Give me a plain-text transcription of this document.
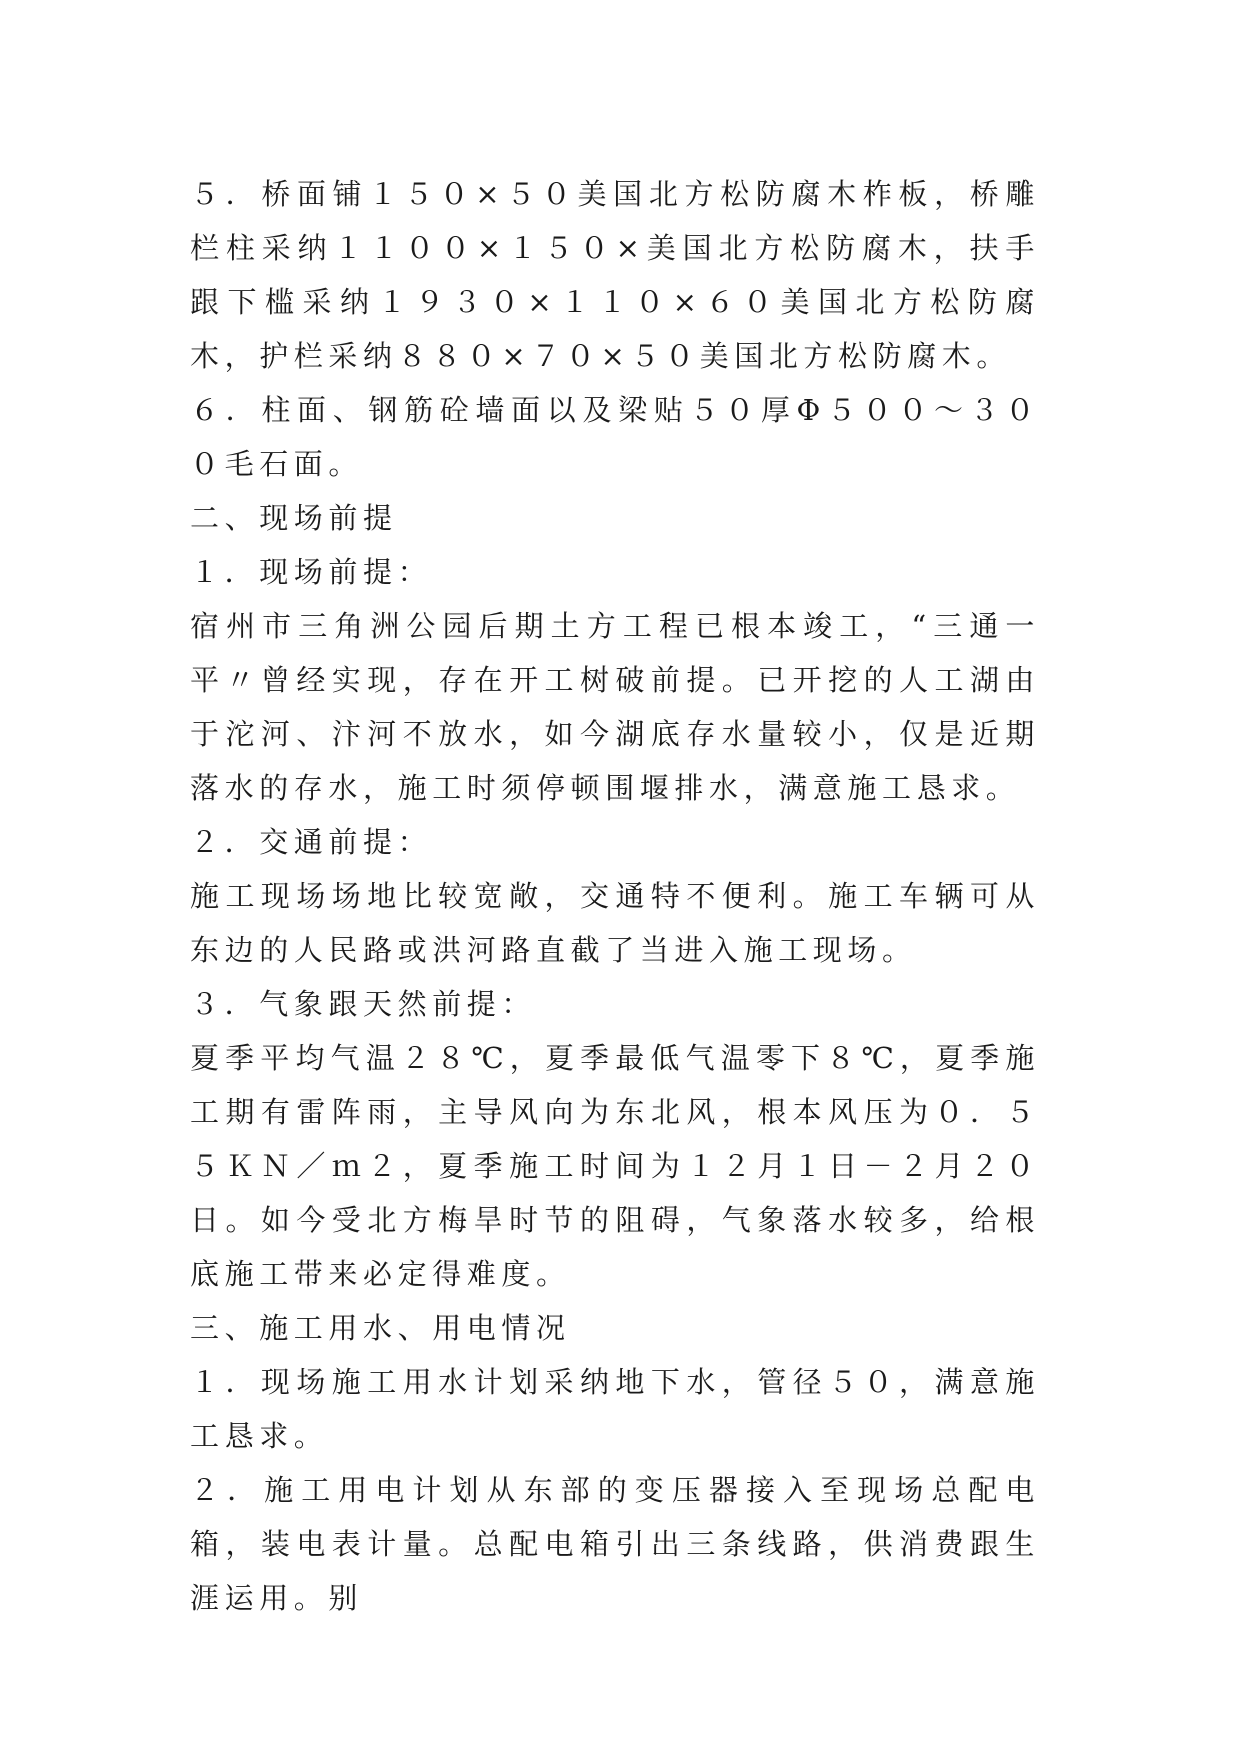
５．桥面铺１５０×５０美国北方松防腐木柞板，桥雕栏柱采纳１１００×１５０×美国北方松防腐木，扶手跟下槛采纳１９３０×１１０×６０美国北方松防腐木，护栏采纳８８０×７０×５０美国北方松防腐木。

６．柱面、钢筋砼墙面以及梁贴５０厚Φ５００～３００毛石面。

二、现场前提

１．现场前提：

宿州市三角洲公园后期土方工程已根本竣工，“三通一平〃曾经实现，存在开工树破前提。已开挖的人工湖由于沱河、汴河不放水，如今湖底存水量较小，仅是近期落水的存水，施工时须停顿围堰排水，满意施工恳求。

２．交通前提：

施工现场场地比较宽敞，交通特不便利。施工车辆可从东边的人民路或洪河路直截了当进入施工现场。

３．气象跟天然前提：

夏季平均气温２８℃，夏季最低气温零下８℃，夏季施工期有雷阵雨，主导风向为东北风，根本风压为０．５５ＫＮ／ｍ２，夏季施工时间为１２月１日－２月２０日。如今受北方梅旱时节的阻碍，气象落水较多，给根底施工带来必定得难度。

三、施工用水、用电情况

１．现场施工用水计划采纳地下水，管径５０，满意施工恳求。

２．施工用电计划从东部的变压器接入至现场总配电箱，装电表计量。总配电箱引出三条线路，供消费跟生涯运用。别
